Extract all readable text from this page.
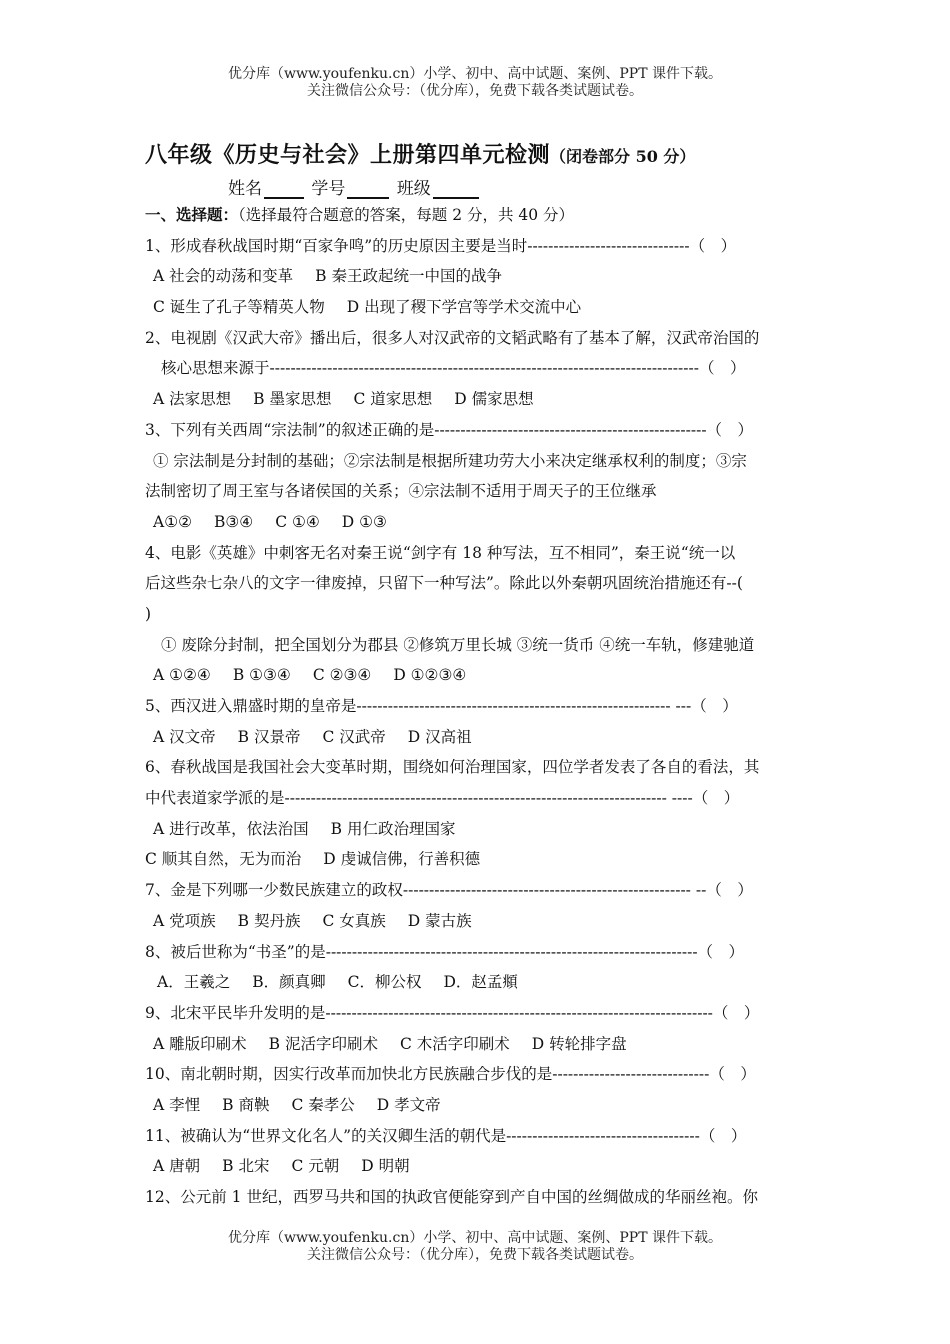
优分库（www.youfenku.cn）小学、初中、高中试题、案例、PPT 课件下载。
关注微信公众号：（优分库），免费下载各类试题试卷。
八年级《历史与社会》上册第四单元检测（闭卷部分 50 分）
姓名	学号	班级
一、选择题：（选择最符合题意的答案，每题 2 分，共 40 分）
1、形成春秋战国时期“百家争鸣”的历史原因主要是当时-------------------------------（　）
A 社会的动荡和变革 B 秦王政起统一中国的战争
C 诞生了孔子等精英人物 D 出现了稷下学宫等学术交流中心
2、电视剧《汉武大帝》播出后，很多人对汉武帝的文韬武略有了基本了解，汉武帝治国的
核心思想来源于----------------------------------------------------------------------------------（　）
A 法家思想 B 墨家思想 C 道家思想 D 儒家思想
3、下列有关西周“宗法制”的叙述正确的是----------------------------------------------------（　）
① 宗法制是分封制的基础；②宗法制是根据所建功劳大小来决定继承权利的制度；③宗
法制密切了周王室与各诸侯国的关系；④宗法制不适用于周天子的王位继承
A①② B③④ C ①④ D ①③
4、电影《英雄》中刺客无名对秦王说“剑字有 18 种写法，互不相同”，秦王说“统一以
后这些杂七杂八的文字一律废掉，只留下一种写法”。除此以外秦朝巩固统治措施还有--(
)
① 废除分封制，把全国划分为郡县 ②修筑万里长城 ③统一货币 ④统一车轨，修建驰道
A ①②④ B ①③④ C ②③④ D ①②③④
5、西汉进入鼎盛时期的皇帝是------------------------------------------------------------ ---（　）
A 汉文帝 B 汉景帝 C 汉武帝 D 汉高祖
6、春秋战国是我国社会大变革时期，围绕如何治理国家，四位学者发表了各自的看法，其
中代表道家学派的是------------------------------------------------------------------------- ----（　）
A 进行改革，依法治国 B 用仁政治理国家
C 顺其自然，无为而治 D 虔诚信佛，行善积德
7、金是下列哪一少数民族建立的政权------------------------------------------------------- --（　）
A 党项族 B 契丹族 C 女真族 D 蒙古族
8、被后世称为“书圣”的是-----------------------------------------------------------------------（　）
A．王羲之 B．颜真卿 C．柳公权 D．赵孟頫
9、北宋平民毕升发明的是--------------------------------------------------------------------------（　）
A 雕版印刷术 B 泥活字印刷术 C 木活字印刷术 D 转轮排字盘
10、南北朝时期，因实行改革而加快北方民族融合步伐的是------------------------------（　）
A 李悝 B 商鞅 C 秦孝公 D 孝文帝
11、被确认为“世界文化名人”的关汉卿生活的朝代是-------------------------------------（　）
A 唐朝 B 北宋 C 元朝 D 明朝
12、公元前 1 世纪，西罗马共和国的执政官便能穿到产自中国的丝绸做成的华丽丝袍。你
优分库（www.youfenku.cn）小学、初中、高中试题、案例、PPT 课件下载。
关注微信公众号：（优分库），免费下载各类试题试卷。
